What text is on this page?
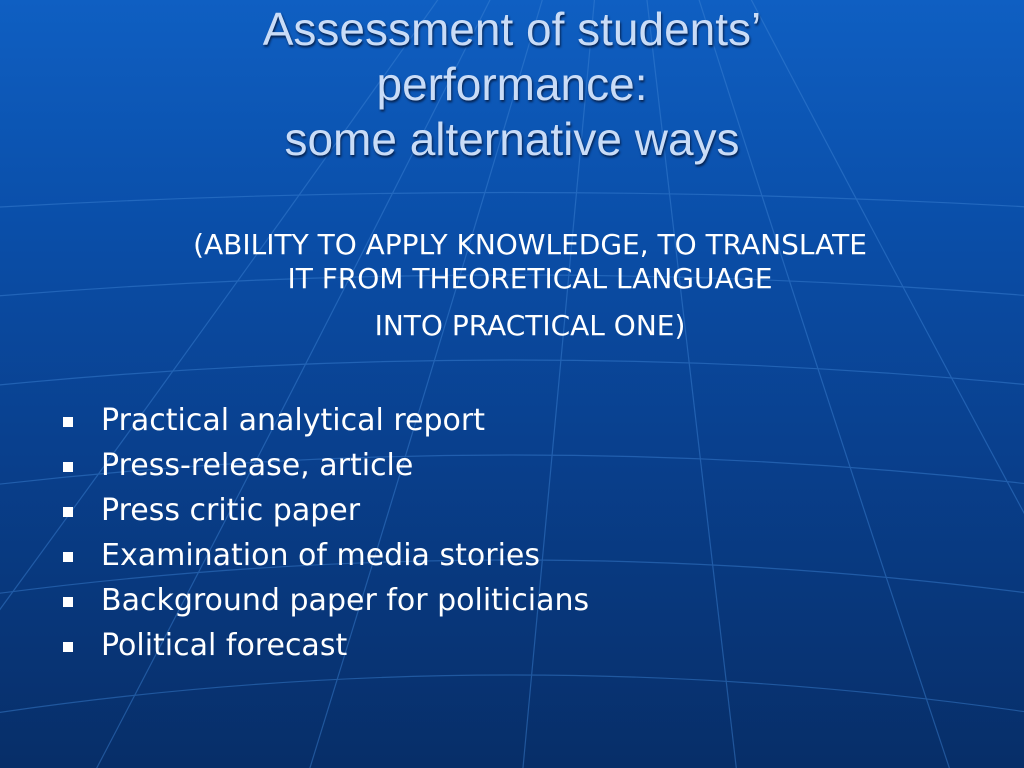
Assessment of students’
performance:
some alternative ways
(ABILITY TO APPLY KNOWLEDGE, TO TRANSLATE
IT FROM THEORETICAL LANGUAGE
INTO PRACTICAL ONE)
Practical analytical report
Press-release, article
Press critic paper
Examination of media stories
Background paper for politicians
Political forecast
